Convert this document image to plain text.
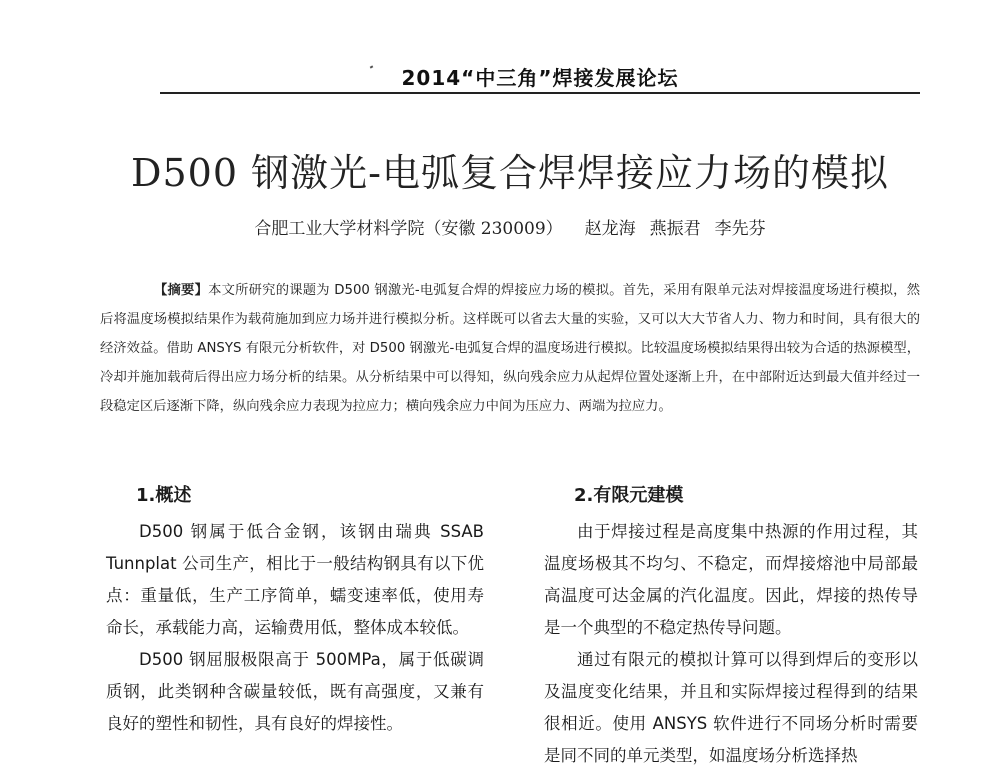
2014“中三角”焊接发展论坛
D500 钢激光-电弧复合焊焊接应力场的模拟
合肥工业大学材料学院（安徽 230009） 赵龙海 燕振君 李先芬
【摘要】本文所研究的课题为 D500 钢激光-电弧复合焊的焊接应力场的模拟。首先，采用有限单元法对焊接温度场进行模拟，然后将温度场模拟结果作为载荷施加到应力场并进行模拟分析。这样既可以省去大量的实验，又可以大大节省人力、物力和时间，具有很大的经济效益。借助 ANSYS 有限元分析软件，对 D500 钢激光-电弧复合焊的温度场进行模拟。比较温度场模拟结果得出较为合适的热源模型，冷却并施加载荷后得出应力场分析的结果。从分析结果中可以得知，纵向残余应力从起焊位置处逐渐上升，在中部附近达到最大值并经过一段稳定区后逐渐下降，纵向残余应力表现为拉应力；横向残余应力中间为压应力、两端为拉应力。
1.概述

D500 钢属于低合金钢，该钢由瑞典 SSAB Tunnplat 公司生产，相比于一般结构钢具有以下优点：重量低，生产工序简单，蠕变速率低，使用寿命长，承载能力高，运输费用低，整体成本较低。

D500 钢屈服极限高于 500MPa，属于低碳调质钢，此类钢种含碳量较低，既有高强度，又兼有良好的塑性和韧性，具有良好的焊接性。

2.有限元建模

由于焊接过程是高度集中热源的作用过程，其温度场极其不均匀、不稳定，而焊接熔池中局部最高温度可达金属的汽化温度。因此，焊接的热传导是一个典型的不稳定热传导问题。

通过有限元的模拟计算可以得到焊后的变形以及温度变化结果，并且和实际焊接过程得到的结果很相近。使用 ANSYS 软件进行不同场分析时需要是同不同的单元类型，如温度场分析选择热
